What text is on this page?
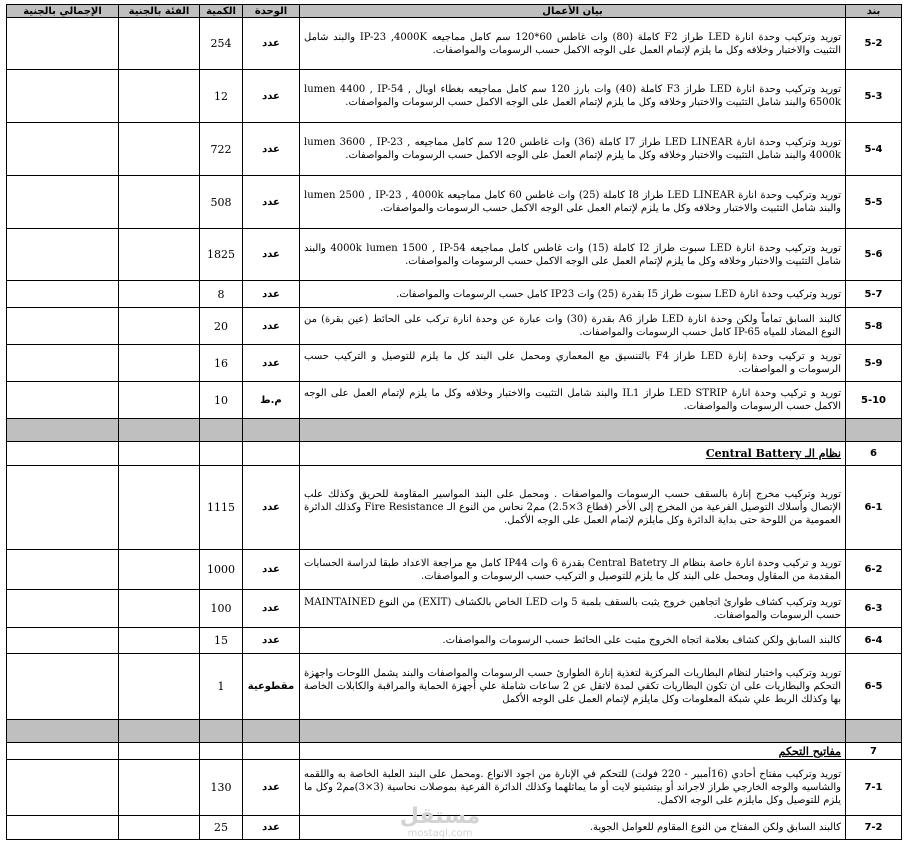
بند	بيان الأعمال	الوحدة	الكمية	الفئة بالجنية	الإجمالي بالجنية
5-2	توريد وتركيب وحدة انارة LED طراز F2 كاملة (80) وات غاطس 60*120 سم كامل مماجيعه IP-23 ,4000K والبند شامل التثبيت والاختبار وخلافه وكل ما يلزم لإتمام العمل على الوجه الاكمل حسب الرسومات والمواصفات.	عدد	254		
5-3	توريد وتركيب وحدة انارة LED طراز F3 كاملة (40) وات بارز 120 سم كامل مماجيعه بغطاء اوبال lumen 4400 , IP-54 , 6500k والبند شامل التثبيت والاختبار وخلافه وكل ما يلزم لإتمام العمل على الوجه الاكمل حسب الرسومات والمواصفات.	عدد	12		
5-4	توريد وتركيب وحدة انارة LED LINEAR طراز I7 كاملة (36) وات غاطس 120 سم كامل مماجيعه lumen 3600 , IP-23 , 4000k والبند شامل التثبيت والاختبار وخلافه وكل ما يلزم لإتمام العمل على الوجه الاكمل حسب الرسومات والمواصفات.	عدد	722		
5-5	توريد وتركيب وحدة انارة LED LINEAR طراز I8 كاملة (25) وات غاطس 60 كامل مماجيعه lumen 2500 , IP-23 , 4000k والبند شامل التثبيت والاختبار وخلافه وكل ما يلزم لإتمام العمل على الوجه الاكمل حسب الرسومات والمواصفات.	عدد	508		
5-6	توريد وتركيب وحدة انارة LED سبوت طراز I2 كاملة (15) وات غاطس كامل مماجيعه 4000k lumen 1500 , IP-54 والبند شامل التثبيت والاختبار وخلافه وكل ما يلزم لإتمام العمل على الوجه الاكمل حسب الرسومات والمواصفات.	عدد	1825		
5-7	توريد وتركيب وحدة انارة LED سبوت طراز I5 بقدرة (25) وات IP23 كامل حسب الرسومات والمواصفات.	عدد	8		
5-8	كالبند السابق تماماً ولكن وحدة انارة LED طراز A6 بقدرة (30) وات عبارة عن وحدة انارة تركب على الحائط (عين بقرة) من النوع المضاد للمياه IP-65 كامل حسب الرسومات والمواصفات.	عدد	20		
5-9	توريد و تركيب وحدة إنارة LED طراز F4 بالتنسيق مع المعماري ومحمل على البند كل ما يلزم للتوصيل و التركيب حسب الرسومات و المواصفات.	عدد	16		
5-10	توريد و تركيب وحدة انارة LED STRIP طراز IL1 والبند شامل التثبيت والاختبار وخلافه وكل ما يلزم لإتمام العمل على الوجه الاكمل حسب الرسومات والمواصفات.	م.ط	10		

6	نظام الـ Central Battery				
6-1	توريد وتركيب مخرج إنارة بالسقف حسب الرسومات والمواصفات . ومحمل على البند المواسير المقاومة للحريق وكذلك علب الإتصال وأسلاك التوصيل الفرعية من المخرج إلى الأخر (قطاع 3×2.5) مم2 نحاس من النوع الـ Fire Resistance وكذلك الدائرة العمومية من اللوحة حتى بداية الدائرة وكل مايلزم لإتمام العمل على الوجه الأكمل.	عدد	1115		
6-2	توريد و تركيب وحدة انارة خاصة بنظام الـ Central Batetry بقدرة 6 وات IP44 كامل مع مراجعة الاعداد طبقا لدراسة الحسابات المقدمة من المقاول ومحمل على البند كل ما يلزم للتوصيل و التركيب حسب الرسومات و المواصفات.	عدد	1000		
6-3	توريد وتركيب كشاف طوارئ اتجاهين خروج يثبت بالسقف بلمبة 5 وات LED الخاص بالكشاف (EXIT) من النوع MAINTAINED حسب الرسومات والمواصفات.	عدد	100		
6-4	كالبند السابق ولكن كشاف بعلامة اتجاه الخروج مثبت على الحائط حسب الرسومات والمواصفات.	عدد	15		
6-5	توريد وتركيب واختبار لنظام البطاريات المركزية لتغذية إنارة الطوارئ حسب الرسومات والمواصفات والبند يشمل اللوحات واجهزة التحكم والبطاريات على ان تكون البطاريات تكفي لمدة لاتقل عن 2 ساعات شاملة علي أجهزة الحماية والمراقبة والكابلات الخاصة بها وكذلك الربط علي شبكة المعلومات وكل مايلزم لإتمام العمل على الوجه الأكمل	مقطوعية	1		

7	مفاتيح التحكم				
7-1	توريد وتركيب مفتاح أحادي (16أمبير - 220 فولت) للتحكم في الإنارة من اجود الانواع .ومحمل على البند العلبة الخاصة به واللقمه والشاسيه والوجه الخارجي طراز لاجراند أو بيتشينو لايت أو ما يماثلهما وكذلك الدائرة الفرعية بموصلات نحاسية (3×3)مم2 وكل ما يلزم للتوصيل وكل مايلزم على الوجه الاكمل.	عدد	130		
7-2	كالبند السابق ولكن المفتاح من النوع المقاوم للعوامل الجوية.	عدد	25			مستقل
mostaql.com
